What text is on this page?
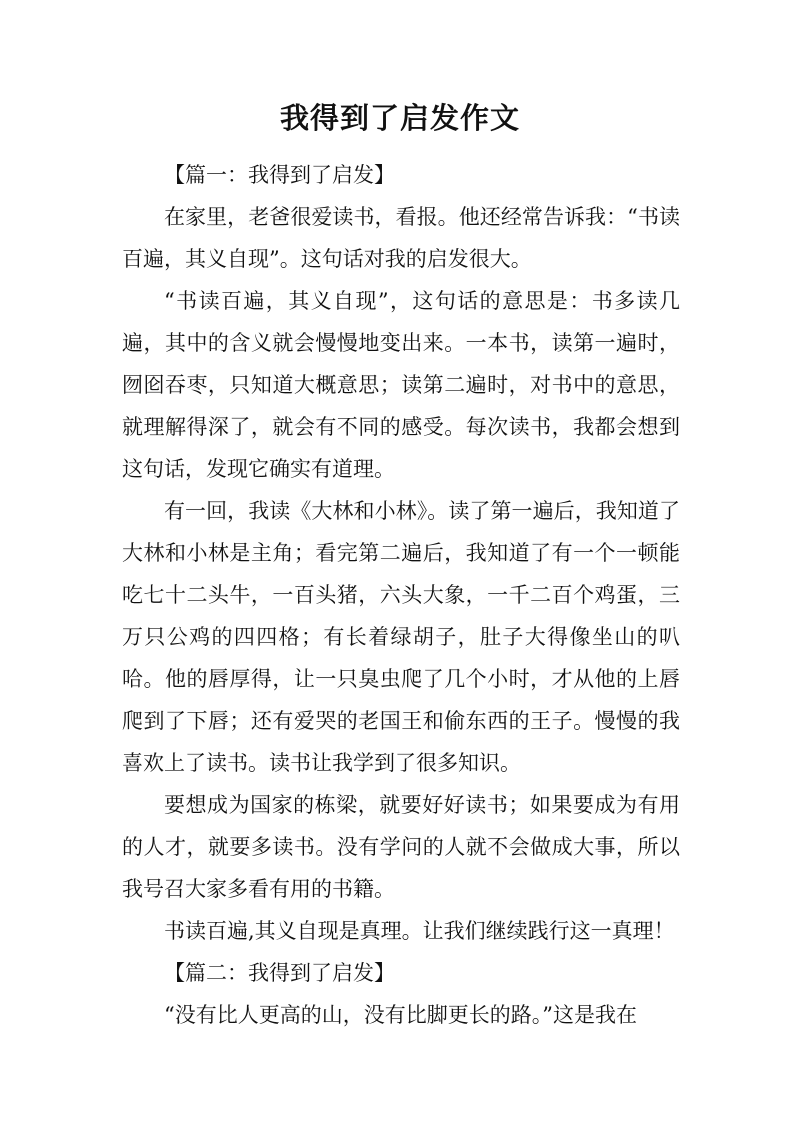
我得到了启发作文

【篇一：我得到了启发】

在家里，老爸很爱读书，看报。他还经常告诉我：“书读百遍，其义自现”。这句话对我的启发很大。

“书读百遍，其义自现”，这句话的意思是：书多读几遍，其中的含义就会慢慢地变出来。一本书，读第一遍时，囫囵吞枣，只知道大概意思；读第二遍时，对书中的意思，就理解得深了，就会有不同的感受。每次读书，我都会想到这句话，发现它确实有道理。

有一回，我读《大林和小林》。读了第一遍后，我知道了大林和小林是主角；看完第二遍后，我知道了有一个一顿能吃七十二头牛，一百头猪，六头大象，一千二百个鸡蛋，三万只公鸡的四四格；有长着绿胡子，肚子大得像坐山的叭哈。他的唇厚得，让一只臭虫爬了几个小时，才从他的上唇爬到了下唇；还有爱哭的老国王和偷东西的王子。慢慢的我喜欢上了读书。读书让我学到了很多知识。

要想成为国家的栋梁，就要好好读书；如果要成为有用的人才，就要多读书。没有学问的人就不会做成大事，所以我号召大家多看有用的书籍。

书读百遍,其义自现是真理。让我们继续践行这一真理！

【篇二：我得到了启发】

“没有比人更高的山，没有比脚更长的路。”这是我在
